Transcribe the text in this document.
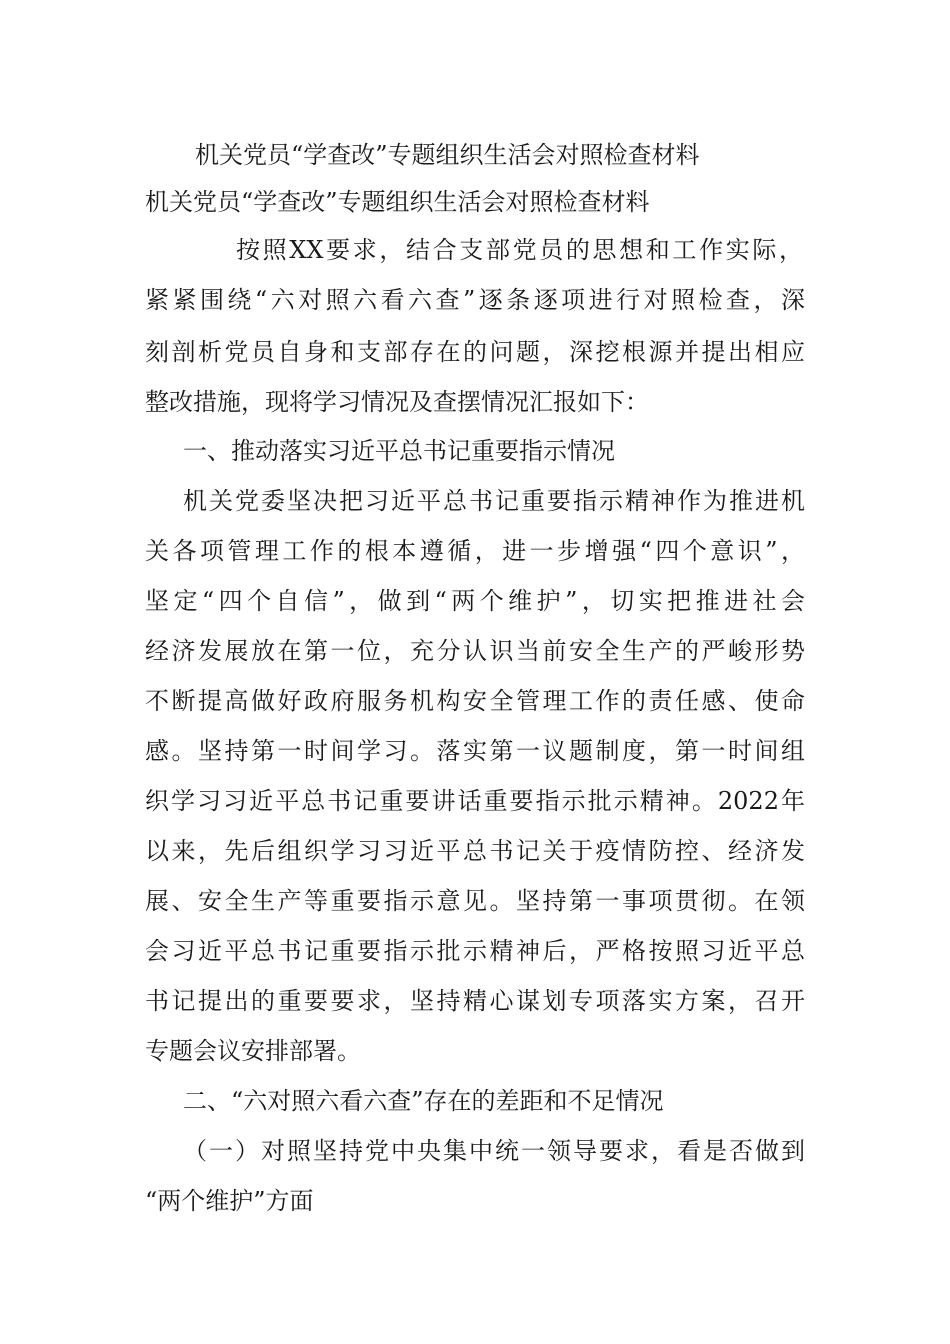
机关党员“学查改”专题组织生活会对照检查材料
机关党员“学查改”专题组织生活会对照检查材料
按照XX要求，结合支部党员的思想和工作实际，
紧紧围绕“六对照六看六查”逐条逐项进行对照检查，深
刻剖析党员自身和支部存在的问题，深挖根源并提出相应
整改措施，现将学习情况及查摆情况汇报如下：
一、推动落实习近平总书记重要指示情况
机关党委坚决把习近平总书记重要指示精神作为推进机
关各项管理工作的根本遵循，进一步增强“四个意识”，
坚定“四个自信”，做到“两个维护”，切实把推进社会
经济发展放在第一位，充分认识当前安全生产的严峻形势
不断提高做好政府服务机构安全管理工作的责任感、使命
感。坚持第一时间学习。落实第一议题制度，第一时间组
织学习习近平总书记重要讲话重要指示批示精神。2022年
以来，先后组织学习习近平总书记关于疫情防控、经济发
展、安全生产等重要指示意见。坚持第一事项贯彻。在领
会习近平总书记重要指示批示精神后，严格按照习近平总
书记提出的重要要求，坚持精心谋划专项落实方案，召开
专题会议安排部署。
二、“六对照六看六查”存在的差距和不足情况
（一）对照坚持党中央集中统一领导要求，看是否做到
“两个维护”方面
